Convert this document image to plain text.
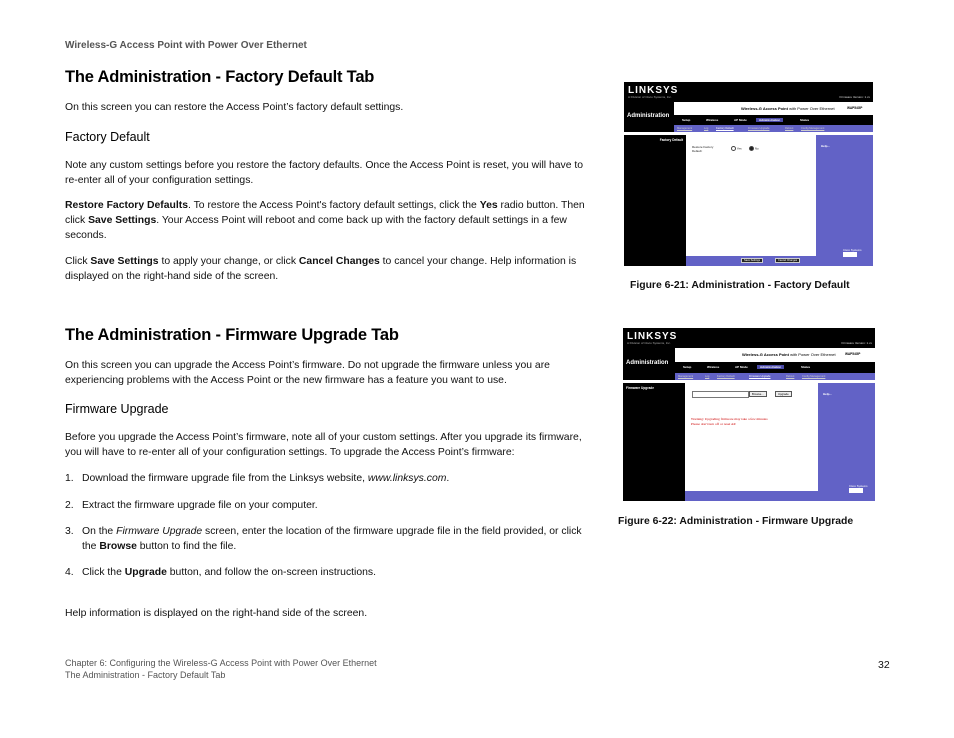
Wireless-G Access Point with Power Over Ethernet
The Administration - Factory Default Tab
On this screen you can restore the Access Point’s factory default settings.
Factory Default
Note any custom settings before you restore the factory defaults. Once the Access Point is reset, you will have to re-enter all of your configuration settings.
Restore Factory Defaults. To restore the Access Point's factory default settings, click the Yes radio button. Then click Save Settings. Your Access Point will reboot and come back up with the factory default settings in a few seconds.
Click Save Settings to apply your change, or click Cancel Changes to cancel your change. Help information is displayed on the right-hand side of the screen.
The Administration - Firmware Upgrade Tab
On this screen you can upgrade the Access Point’s firmware. Do not upgrade the firmware unless you are experiencing problems with the Access Point or the new firmware has a feature you want to use.
Firmware Upgrade
Before you upgrade the Access Point’s firmware, note all of your custom settings. After you upgrade its firmware, you will have to re-enter all of your configuration settings. To upgrade the Access Point’s firmware:
1. Download the firmware upgrade file from the Linksys website, www.linksys.com.
2. Extract the firmware upgrade file on your computer.
3. On the Firmware Upgrade screen, enter the location of the firmware upgrade file in the field provided, or click the Browse button to find the file.
4. Click the Upgrade button, and follow the on-screen instructions.
Help information is displayed on the right-hand side of the screen.
LINKSYS
A Division of Cisco Systems, Inc.	Firmware Version: 1.xx
Administration
Wireless-G Access Point with Power Over Ethernet	WAP54GP
Setup	Wireless	AP Mode	Administration	Status
Management	Log	Factory Default	Firmware Upgrade	Reboot	Config Management
Factory Default
Help...
Cisco Systems
Restore Factory Default:
Yes	No
Save Settings	Cancel Changes
Figure 6-21: Administration - Factory Default
LINKSYS
A Division of Cisco Systems, Inc.	Firmware Version: 1.xx
Administration
Wireless-G Access Point with Power Over Ethernet	WAP54GP
Setup	Wireless	AP Mode	Administration	Status
Management	Log	Factory Default	Firmware Upgrade	Reboot	Config Management
Firmware Upgrade
Help...
Cisco Systems
Browse...	Upgrade
Warning: Upgrading firmware may take a few minutes
Please don't turn off or reset AP.
Figure 6-22: Administration - Firmware Upgrade
Chapter 6: Configuring the Wireless-G Access Point with Power Over Ethernet
The Administration - Factory Default Tab
32
